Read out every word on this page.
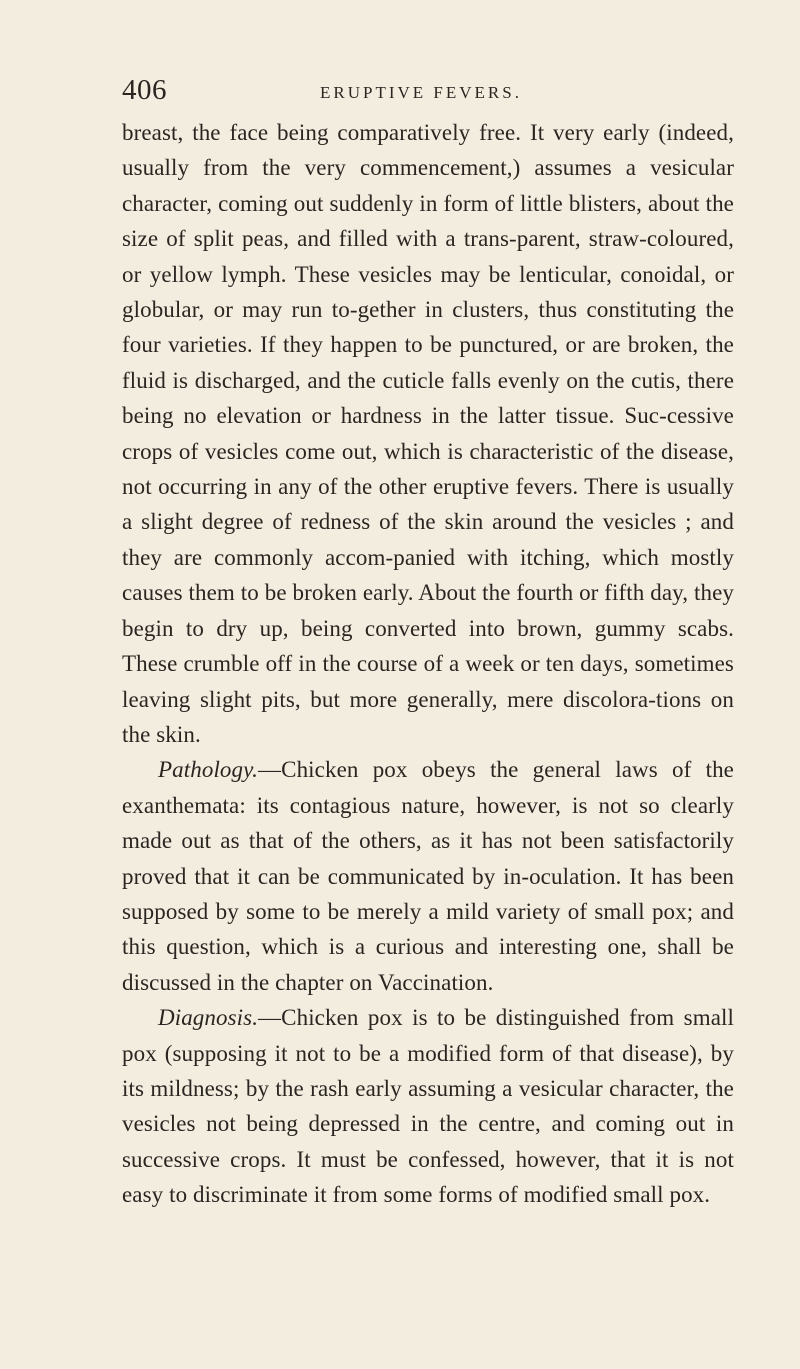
406	ERUPTIVE FEVERS.

breast, the face being comparatively free. It very early (indeed, usually from the very commencement,) assumes a vesicular character, coming out suddenly in form of little blisters, about the size of split peas, and filled with a trans-parent, straw-coloured, or yellow lymph. These vesicles may be lenticular, conoidal, or globular, or may run to-gether in clusters, thus constituting the four varieties. If they happen to be punctured, or are broken, the fluid is discharged, and the cuticle falls evenly on the cutis, there being no elevation or hardness in the latter tissue. Suc-cessive crops of vesicles come out, which is characteristic of the disease, not occurring in any of the other eruptive fevers. There is usually a slight degree of redness of the skin around the vesicles ; and they are commonly accom-panied with itching, which mostly causes them to be broken early. About the fourth or fifth day, they begin to dry up, being converted into brown, gummy scabs. These crumble off in the course of a week or ten days, sometimes leaving slight pits, but more generally, mere discolora-tions on the skin.

Pathology.—Chicken pox obeys the general laws of the exanthemata: its contagious nature, however, is not so clearly made out as that of the others, as it has not been satisfactorily proved that it can be communicated by in-oculation. It has been supposed by some to be merely a mild variety of small pox; and this question, which is a curious and interesting one, shall be discussed in the chapter on Vaccination.

Diagnosis.—Chicken pox is to be distinguished from small pox (supposing it not to be a modified form of that disease), by its mildness; by the rash early assuming a vesicular character, the vesicles not being depressed in the centre, and coming out in successive crops. It must be confessed, however, that it is not easy to discriminate it from some forms of modified small pox.
